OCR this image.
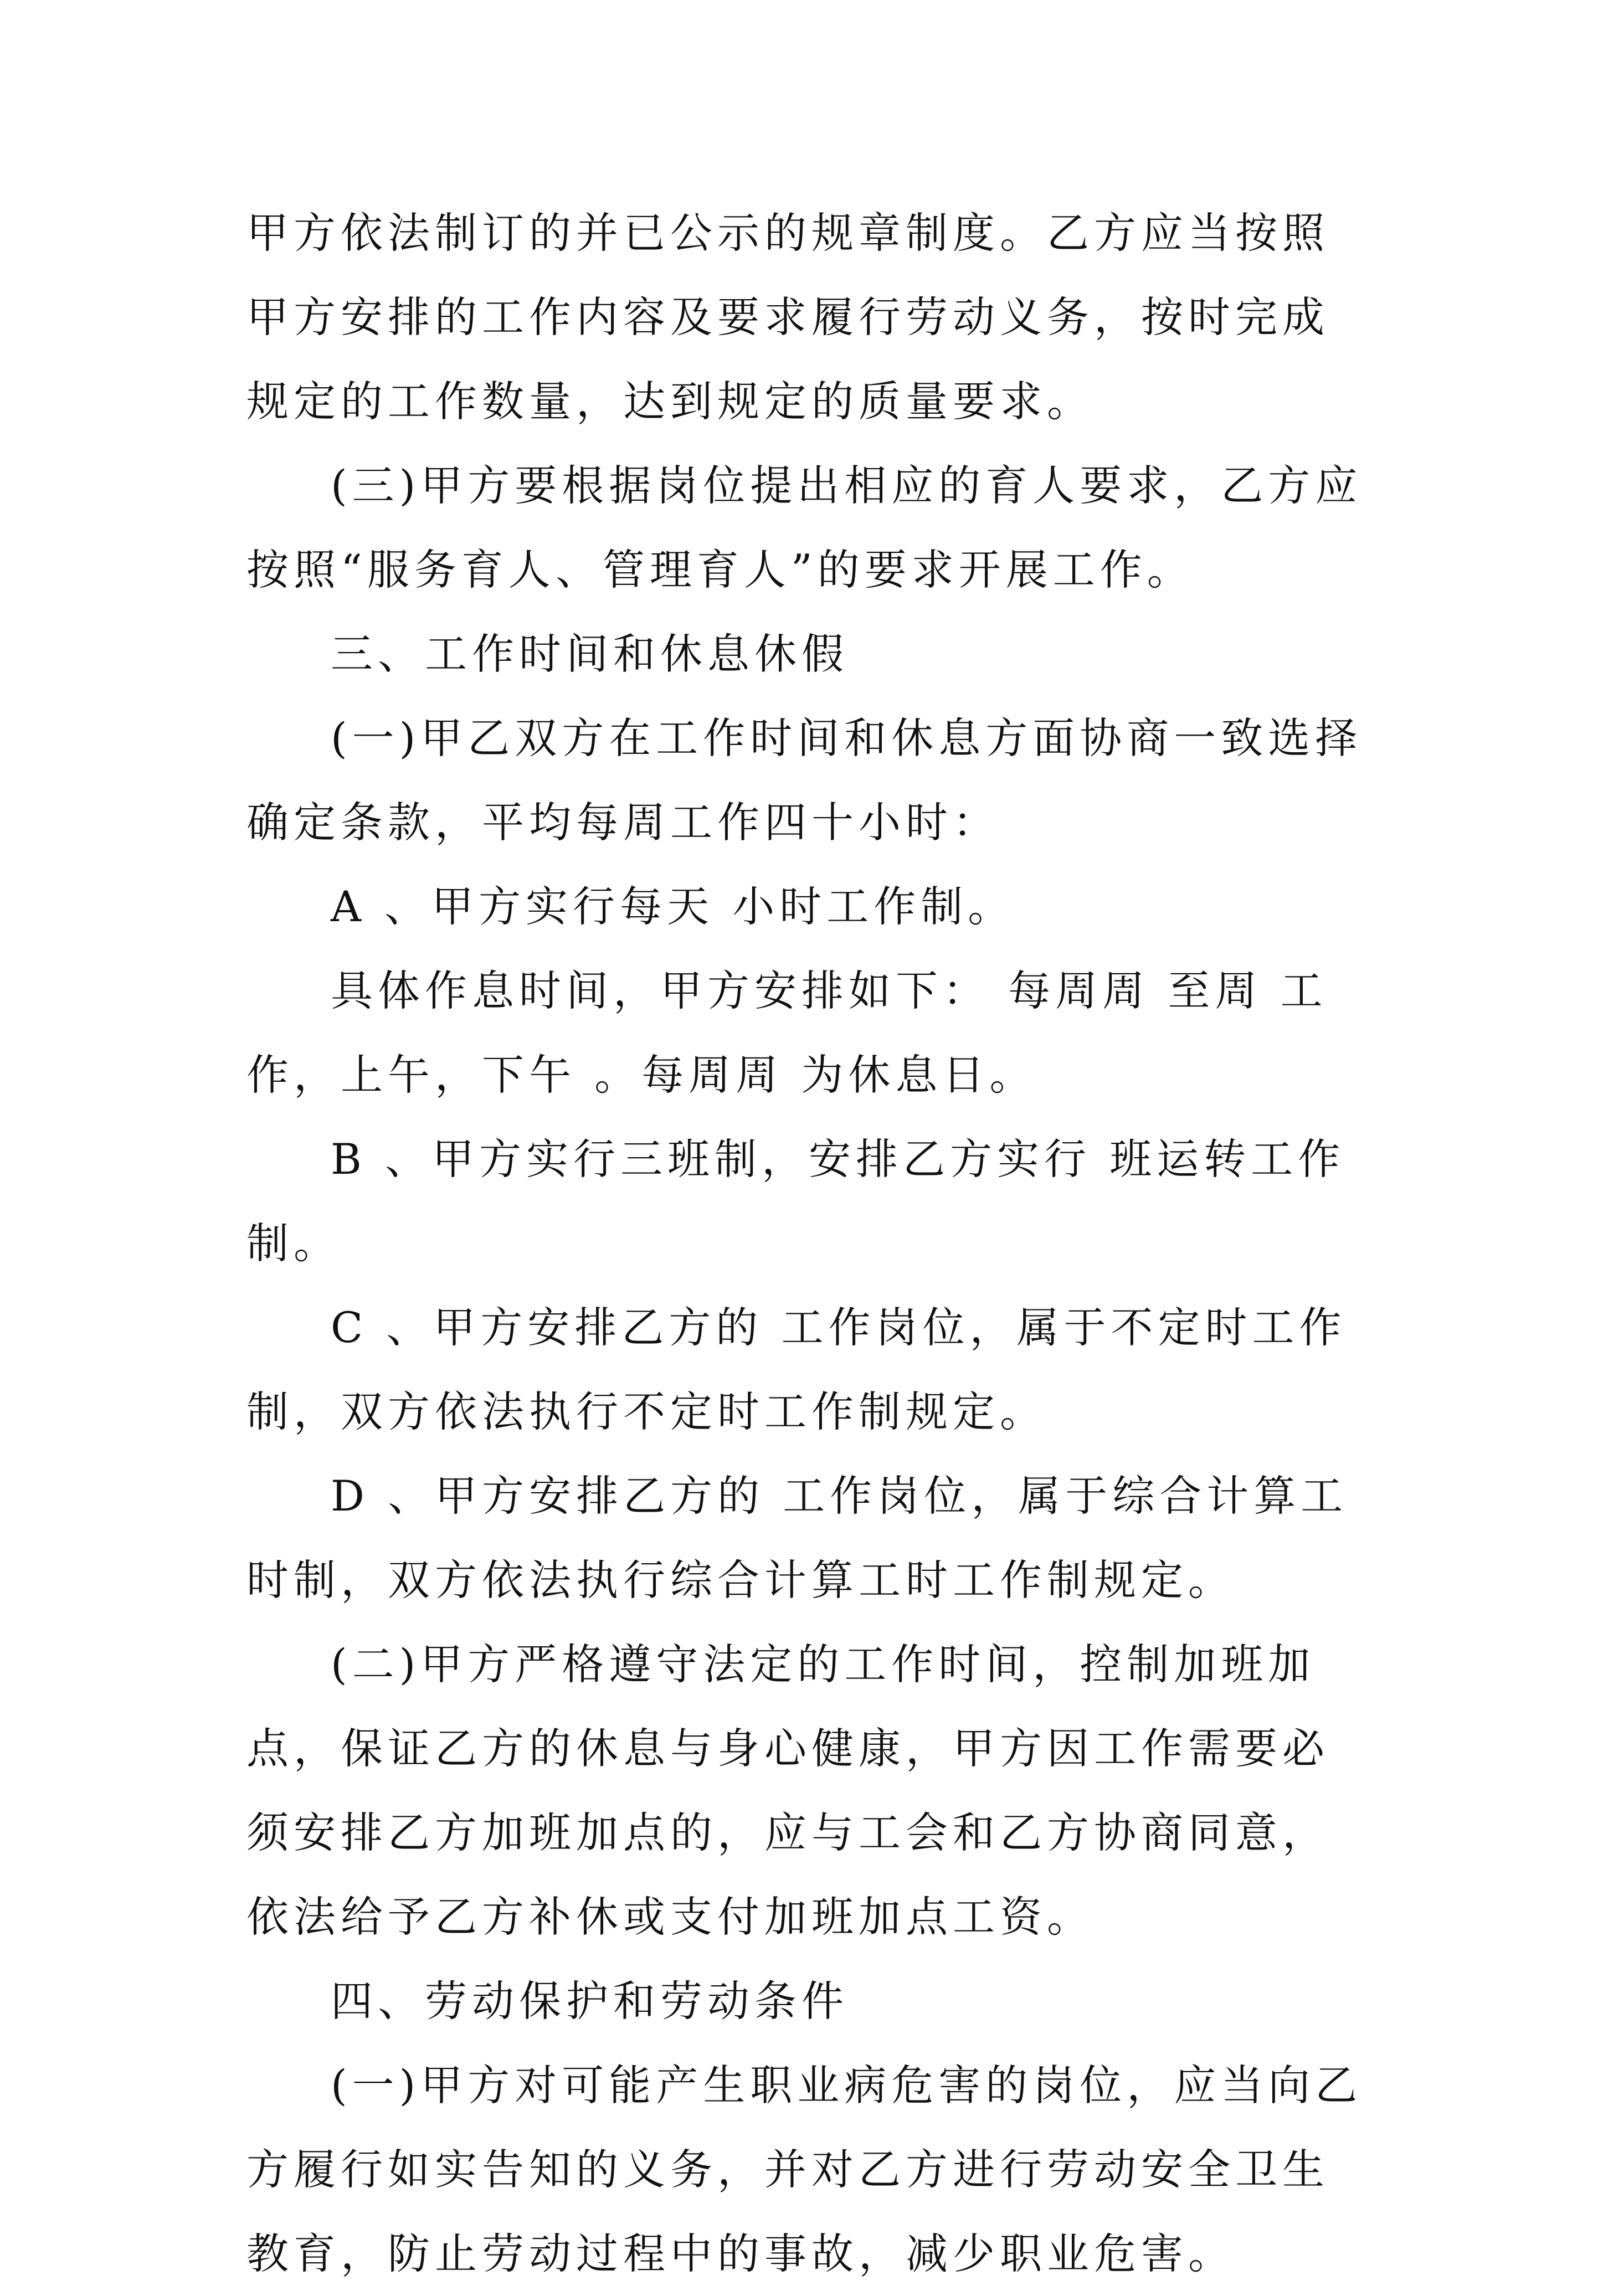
甲方依法制订的并已公示的规章制度。乙方应当按照甲方安排的工作内容及要求履行劳动义务，按时完成规定的工作数量，达到规定的质量要求。

(三)甲方要根据岗位提出相应的育人要求，乙方应按照“服务育人、管理育人”的要求开展工作。

三、工作时间和休息休假

(一)甲乙双方在工作时间和休息方面协商一致选择确定条款，平均每周工作四十小时：

A 、甲方实行每天 小时工作制。

具体作息时间，甲方安排如下： 每周周 至周 工作，上午，下午 。每周周 为休息日。

B 、甲方实行三班制，安排乙方实行 班运转工作制。

C 、甲方安排乙方的 工作岗位，属于不定时工作制，双方依法执行不定时工作制规定。

D 、甲方安排乙方的 工作岗位，属于综合计算工时制，双方依法执行综合计算工时工作制规定。

(二)甲方严格遵守法定的工作时间，控制加班加点，保证乙方的休息与身心健康，甲方因工作需要必须安排乙方加班加点的，应与工会和乙方协商同意，依法给予乙方补休或支付加班加点工资。

四、劳动保护和劳动条件

(一)甲方对可能产生职业病危害的岗位，应当向乙方履行如实告知的义务，并对乙方进行劳动安全卫生教育，防止劳动过程中的事故，减少职业危害。
